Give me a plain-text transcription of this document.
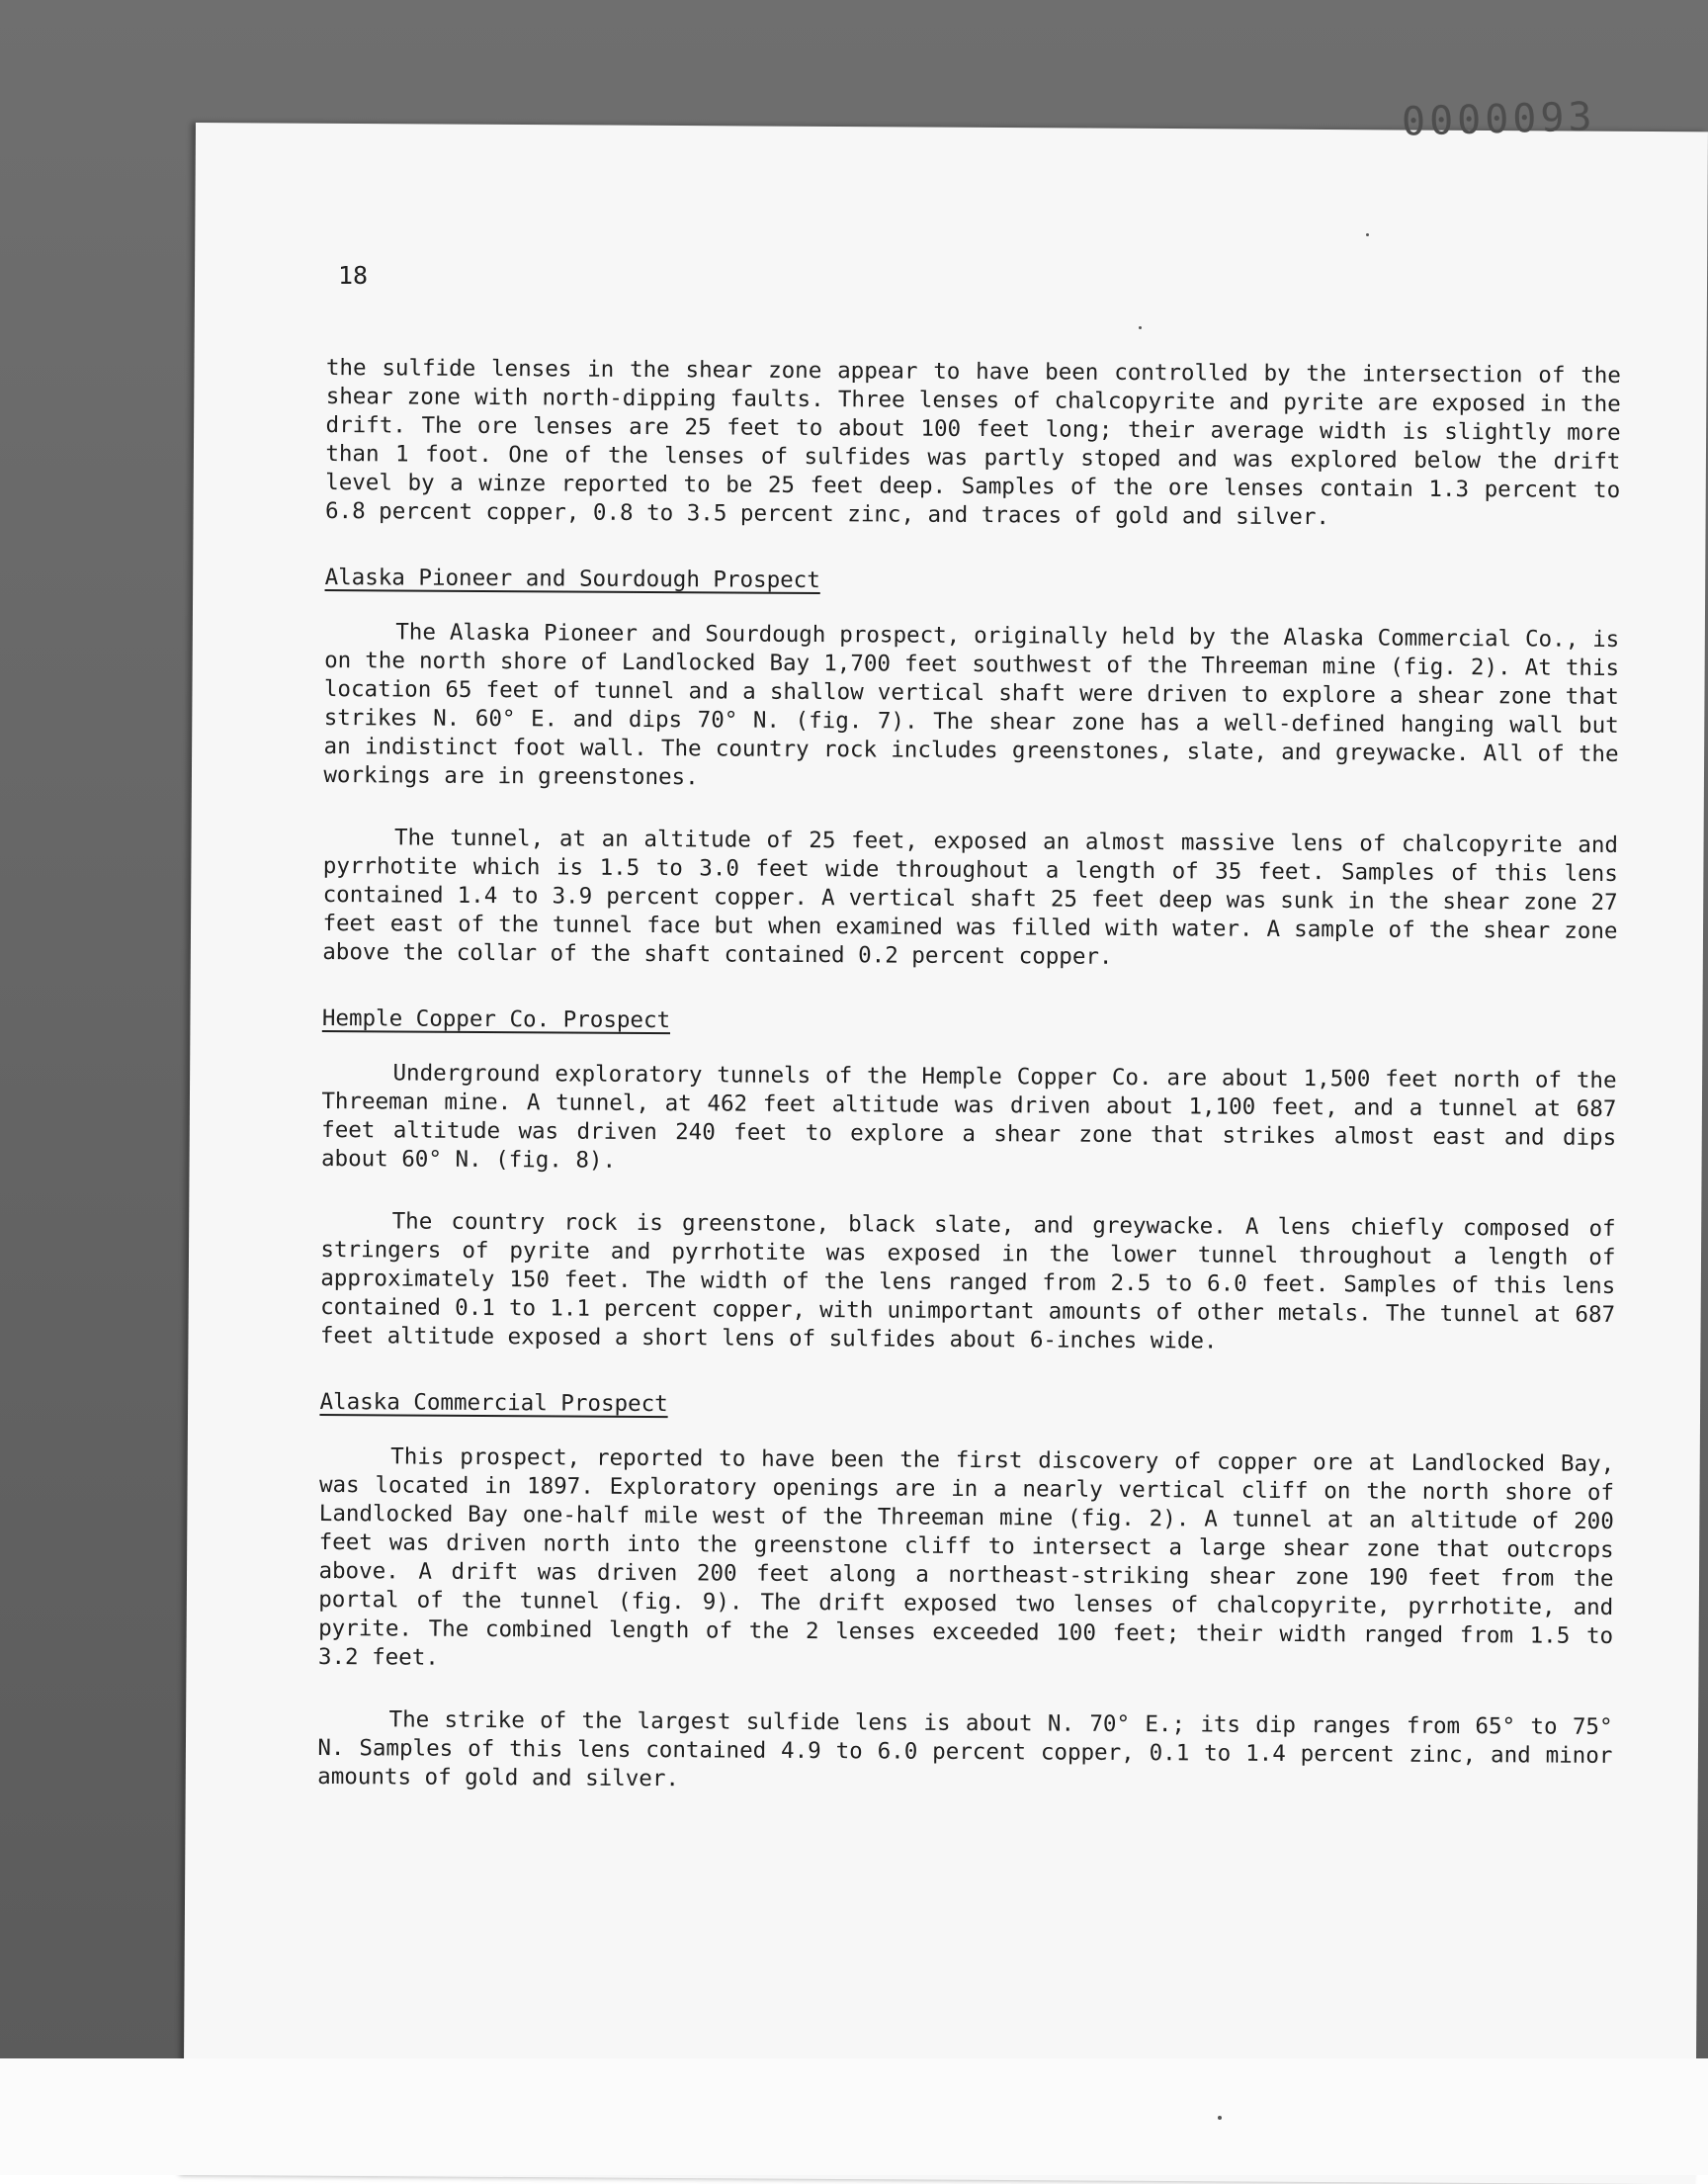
0000093
18

the sulfide lenses in the shear zone appear to have been controlled by the intersection of the shear zone with north-dipping faults. Three lenses of chalcopyrite and pyrite are exposed in the drift. The ore lenses are 25 feet to about 100 feet long; their average width is slightly more than 1 foot. One of the lenses of sulfides was partly stoped and was explored below the drift level by a winze reported to be 25 feet deep. Samples of the ore lenses contain 1.3 percent to 6.8 percent copper, 0.8 to 3.5 percent zinc, and traces of gold and silver.

Alaska Pioneer and Sourdough Prospect

The Alaska Pioneer and Sourdough prospect, originally held by the Alaska Commercial Co., is on the north shore of Landlocked Bay 1,700 feet southwest of the Threeman mine (fig. 2). At this location 65 feet of tunnel and a shallow vertical shaft were driven to explore a shear zone that strikes N. 60° E. and dips 70° N. (fig. 7). The shear zone has a well-defined hanging wall but an indistinct foot wall. The country rock includes greenstones, slate, and greywacke. All of the workings are in greenstones.

The tunnel, at an altitude of 25 feet, exposed an almost massive lens of chalcopyrite and pyrrhotite which is 1.5 to 3.0 feet wide throughout a length of 35 feet. Samples of this lens contained 1.4 to 3.9 percent copper. A vertical shaft 25 feet deep was sunk in the shear zone 27 feet east of the tunnel face but when examined was filled with water. A sample of the shear zone above the collar of the shaft contained 0.2 percent copper.

Hemple Copper Co. Prospect

Underground exploratory tunnels of the Hemple Copper Co. are about 1,500 feet north of the Threeman mine. A tunnel, at 462 feet altitude was driven about 1,100 feet, and a tunnel at 687 feet altitude was driven 240 feet to explore a shear zone that strikes almost east and dips about 60° N. (fig. 8).

The country rock is greenstone, black slate, and greywacke. A lens chiefly composed of stringers of pyrite and pyrrhotite was exposed in the lower tunnel throughout a length of approximately 150 feet. The width of the lens ranged from 2.5 to 6.0 feet. Samples of this lens contained 0.1 to 1.1 percent copper, with unimportant amounts of other metals. The tunnel at 687 feet altitude exposed a short lens of sulfides about 6-inches wide.

Alaska Commercial Prospect

This prospect, reported to have been the first discovery of copper ore at Landlocked Bay, was located in 1897. Exploratory openings are in a nearly vertical cliff on the north shore of Landlocked Bay one-half mile west of the Threeman mine (fig. 2). A tunnel at an altitude of 200 feet was driven north into the greenstone cliff to intersect a large shear zone that outcrops above. A drift was driven 200 feet along a northeast-striking shear zone 190 feet from the portal of the tunnel (fig. 9). The drift exposed two lenses of chalcopyrite, pyrrhotite, and pyrite. The combined length of the 2 lenses exceeded 100 feet; their width ranged from 1.5 to 3.2 feet.

The strike of the largest sulfide lens is about N. 70° E.; its dip ranges from 65° to 75° N. Samples of this lens contained 4.9 to 6.0 percent copper, 0.1 to 1.4 percent zinc, and minor amounts of gold and silver.
